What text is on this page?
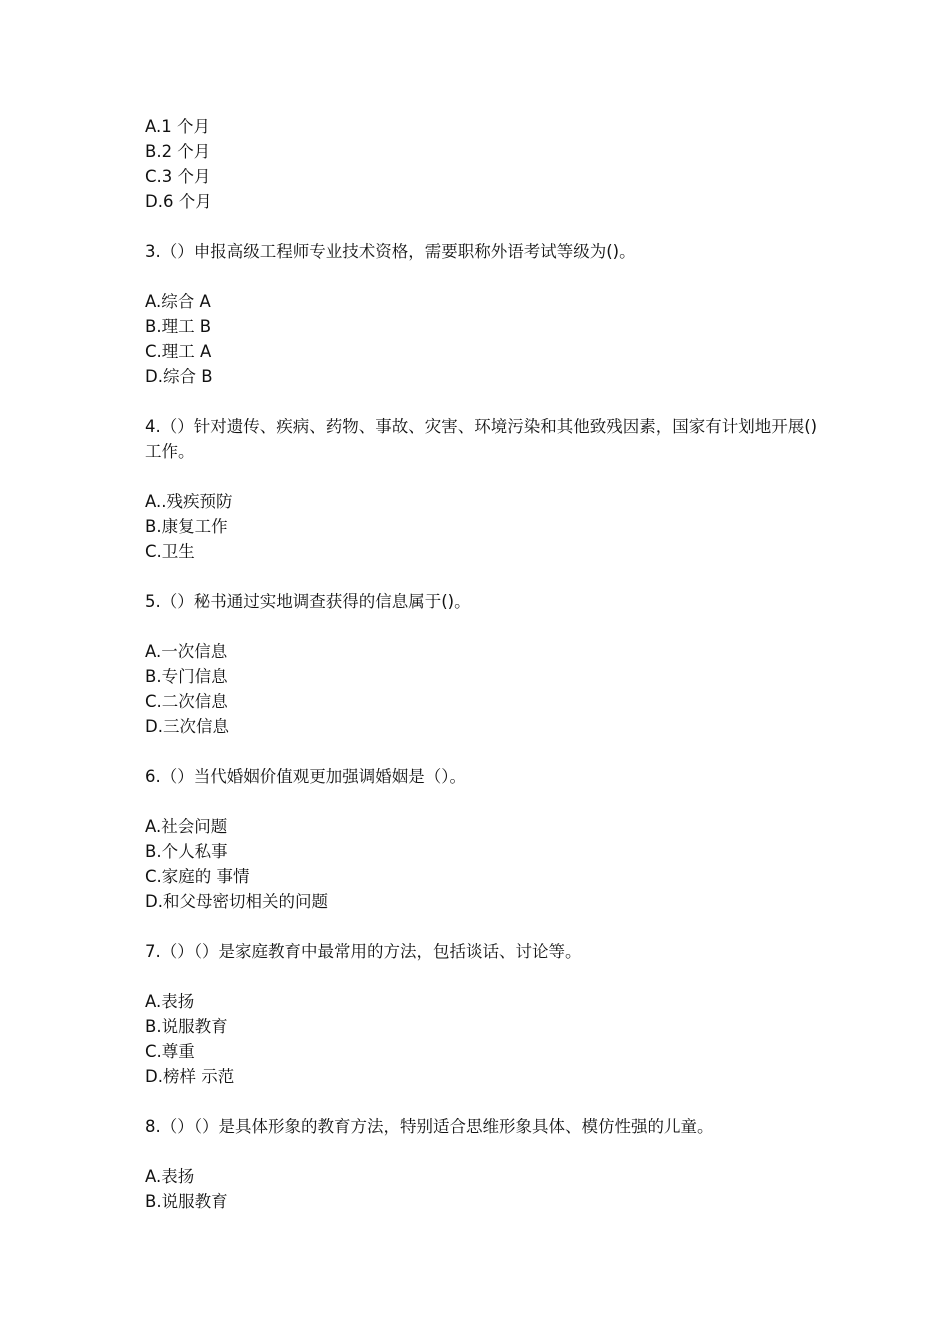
A.1 个月
B.2 个月
C.3 个月
D.6 个月
3.（）申报高级工程师专业技术资格，需要职称外语考试等级为()。
A.综合 A
B.理工 B
C.理工 A
D.综合 B
4.（）针对遗传、疾病、药物、事故、灾害、环境污染和其他致残因素，国家有计划地开展()工作。
A..残疾预防
B.康复工作
C.卫生
5.（）秘书通过实地调查获得的信息属于()。
A.一次信息
B.专门信息
C.二次信息
D.三次信息
6.（）当代婚姻价值观更加强调婚姻是（）。
A.社会问题
B.个人私事
C.家庭的 事情
D.和父母密切相关的问题
7.（）（）是家庭教育中最常用的方法，包括谈话、讨论等。
A.表扬
B.说服教育
C.尊重
D.榜样 示范
8.（）（）是具体形象的教育方法，特别适合思维形象具体、模仿性强的儿童。
A.表扬
B.说服教育
